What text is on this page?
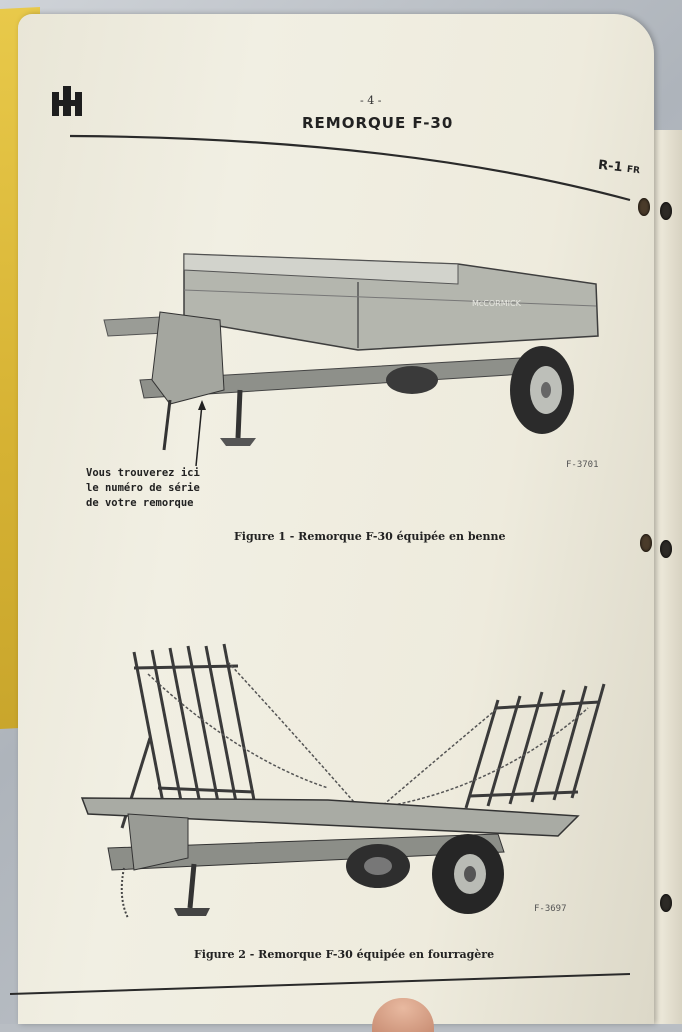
- 4 -
REMORQUE F-30
R-1 FR
McCORMICK
Vous trouverez ici
le numéro de série
de votre remorque
F-3701
Figure 1 - Remorque F-30 équipée en benne
F-3697
Figure 2 - Remorque F-30 équipée en fourragère
